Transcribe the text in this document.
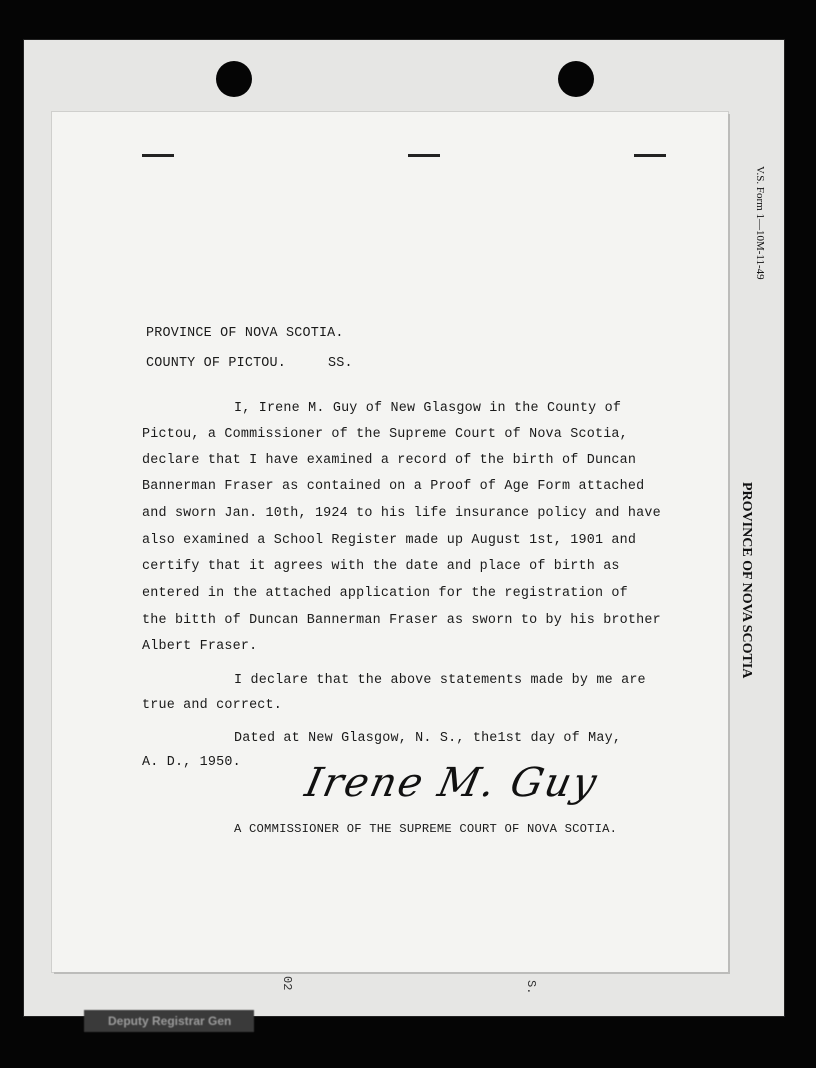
V.S. Form 1—10M-11-49
PROVINCE OF NOVA SCOTIA
Deputy Registrar Gen
02	S.
PROVINCE OF NOVA SCOTIA.
COUNTY OF PICTOU.	SS.
I, Irene M. Guy of New Glasgow in the County of
Pictou, a Commissioner of the Supreme Court of Nova Scotia,
declare that I have examined a record of the birth of Duncan
Bannerman Fraser as contained on a Proof of Age Form attached
and sworn Jan. 10th, 1924 to his life insurance policy and have
also examined a School Register made up August 1st, 1901 and
certify that it agrees with the date and place of birth as
entered in the attached application for the registration of
the bitth of Duncan Bannerman Fraser as sworn to by his brother
Albert Fraser.
I declare that the above statements made by me are
true and correct.
Dated at New Glasgow, N. S., the1st day of May,
A. D., 1950. Irene M. Guy
A COMMISSIONER OF THE SUPREME COURT OF NOVA SCOTIA.
